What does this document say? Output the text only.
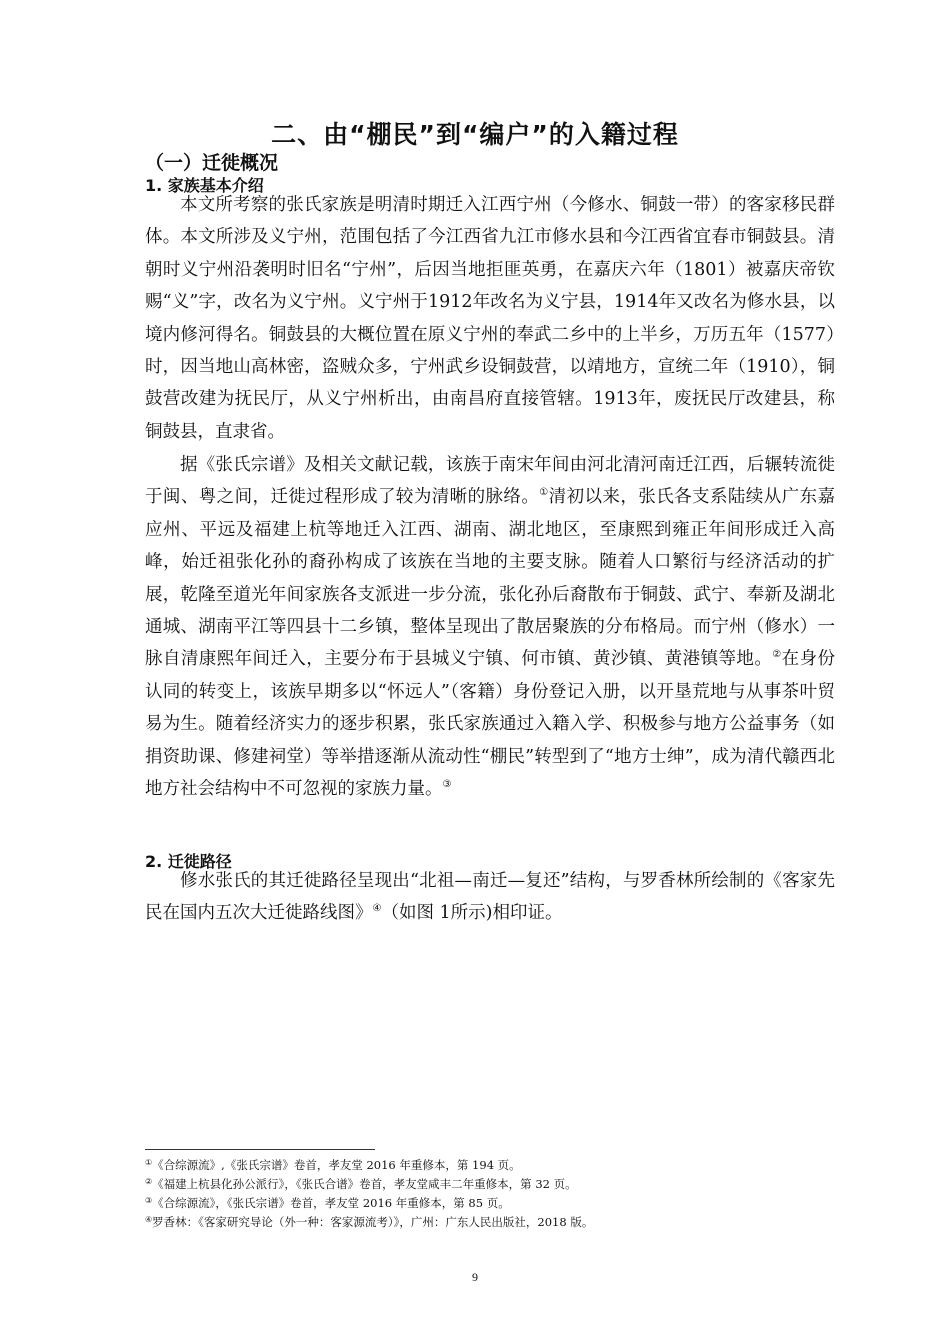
二、由“棚民”到“编户”的入籍过程
（一）迁徙概况
1. 家族基本介绍

本文所考察的张氏家族是明清时期迁入江西宁州（今修水、铜鼓一带）的客家移民群体。本文所涉及义宁州，范围包括了今江西省九江市修水县和今江西省宜春市铜鼓县。清朝时义宁州沿袭明时旧名“宁州”，后因当地拒匪英勇，在嘉庆六年（1801）被嘉庆帝钦赐“义”字，改名为义宁州。义宁州于1912年改名为义宁县，1914年又改名为修水县，以境内修河得名。铜鼓县的大概位置在原义宁州的奉武二乡中的上半乡，万历五年（1577）时，因当地山高林密，盗贼众多，宁州武乡设铜鼓营，以靖地方，宣统二年（1910），铜鼓营改建为抚民厅，从义宁州析出，由南昌府直接管辖。1913年，废抚民厅改建县，称铜鼓县，直隶省。

据《张氏宗谱》及相关文献记载，该族于南宋年间由河北清河南迁江西，后辗转流徙于闽、粤之间，迁徙过程形成了较为清晰的脉络。①清初以来，张氏各支系陆续从广东嘉应州、平远及福建上杭等地迁入江西、湖南、湖北地区，至康熙到雍正年间形成迁入高峰，始迁祖张化孙的裔孙构成了该族在当地的主要支脉。随着人口繁衍与经济活动的扩展，乾隆至道光年间家族各支派进一步分流，张化孙后裔散布于铜鼓、武宁、奉新及湖北通城、湖南平江等四县十二乡镇，整体呈现出了散居聚族的分布格局。而宁州（修水）一脉自清康熙年间迁入，主要分布于县城义宁镇、何市镇、黄沙镇、黄港镇等地。②在身份认同的转变上，该族早期多以“怀远人”（客籍）身份登记入册，以开垦荒地与从事茶叶贸易为生。随着经济实力的逐步积累，张氏家族通过入籍入学、积极参与地方公益事务（如捐资助课、修建祠堂）等举措逐渐从流动性“棚民”转型到了“地方士绅”，成为清代赣西北地方社会结构中不可忽视的家族力量。③

2. 迁徙路径

修水张氏的其迁徙路径呈现出“北祖—南迁—复还”结构，与罗香林所绘制的《客家先民在国内五次大迁徙路线图》④（如图 1所示)相印证。

①《合综源流》,《张氏宗谱》卷首，孝友堂 2016 年重修本，第 194 页。

②《福建上杭县化孙公派行》，《张氏合谱》卷首，孝友堂咸丰二年重修本，第 32 页。

③《合综源流》，《张氏宗谱》卷首，孝友堂 2016 年重修本，第 85 页。

④罗香林：《客家研究导论（外一种：客家源流考）》，广州：广东人民出版社，2018 版。

9
